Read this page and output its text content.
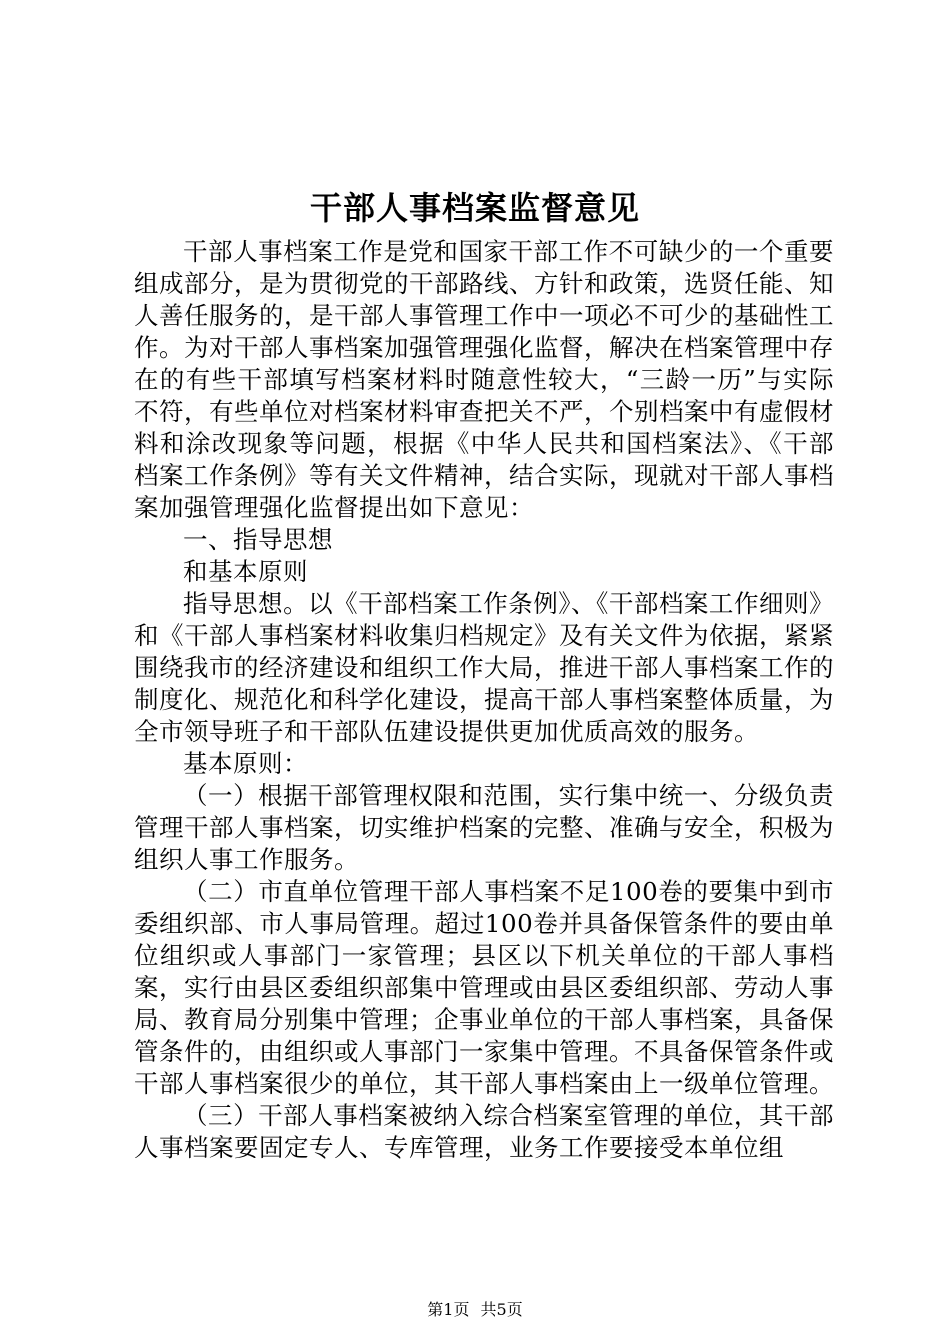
干部人事档案监督意见

干部人事档案工作是党和国家干部工作不可缺少的一个重要组成部分，是为贯彻党的干部路线、方针和政策，选贤任能、知人善任服务的，是干部人事管理工作中一项必不可少的基础性工作。为对干部人事档案加强管理强化监督，解决在档案管理中存在的有些干部填写档案材料时随意性较大，“三龄一历”与实际不符，有些单位对档案材料审查把关不严，个别档案中有虚假材料和涂改现象等问题，根据《中华人民共和国档案法》、《干部档案工作条例》等有关文件精神，结合实际，现就对干部人事档案加强管理强化监督提出如下意见：

一、指导思想

和基本原则

指导思想。以《干部档案工作条例》、《干部档案工作细则》和《干部人事档案材料收集归档规定》及有关文件为依据，紧紧围绕我市的经济建设和组织工作大局，推进干部人事档案工作的制度化、规范化和科学化建设，提高干部人事档案整体质量，为全市领导班子和干部队伍建设提供更加优质高效的服务。

基本原则：

（一）根据干部管理权限和范围，实行集中统一、分级负责管理干部人事档案，切实维护档案的完整、准确与安全，积极为组织人事工作服务。

（二）市直单位管理干部人事档案不足100卷的要集中到市委组织部、市人事局管理。超过100卷并具备保管条件的要由单位组织或人事部门一家管理；县区以下机关单位的干部人事档案，实行由县区委组织部集中管理或由县区委组织部、劳动人事局、教育局分别集中管理；企事业单位的干部人事档案，具备保管条件的，由组织或人事部门一家集中管理。不具备保管条件或干部人事档案很少的单位，其干部人事档案由上一级单位管理。

（三）干部人事档案被纳入综合档案室管理的单位，其干部人事档案要固定专人、专库管理，业务工作要接受本单位组

第1页 共5页
